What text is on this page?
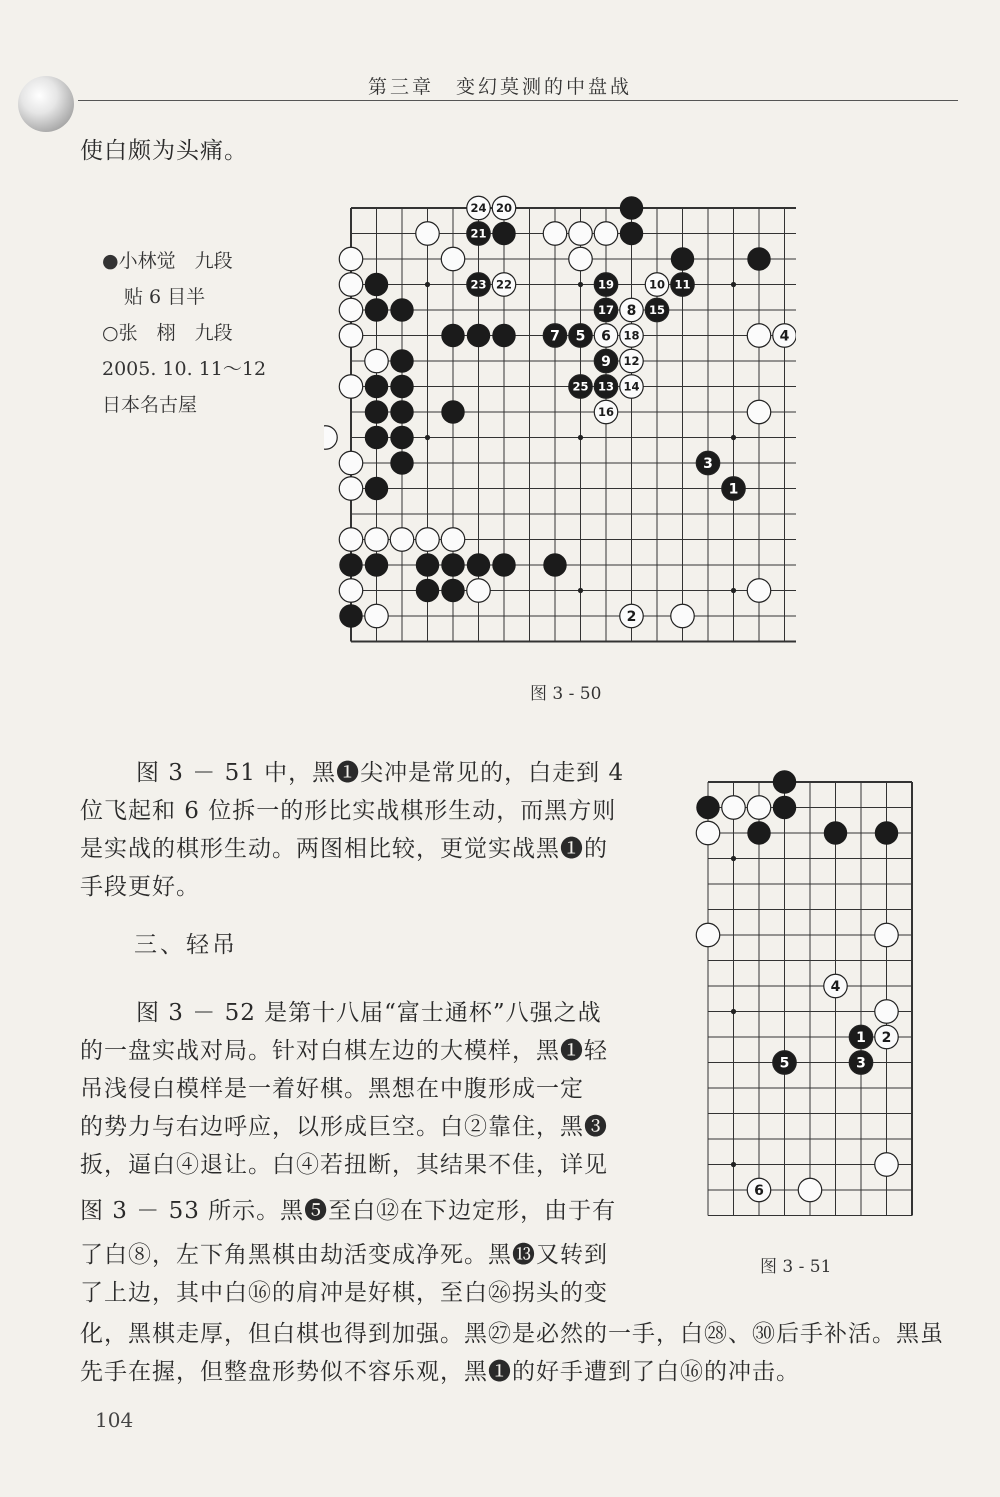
第三章　变幻莫测的中盘战
使白颇为头痛。
●小林觉　九段
贴 6 目半
○张　栩　九段
2005. 10. 11～12
日本名古屋
1
2
3
4
5 6
7
8
9
10 11
12
13 14
15
16
17
18
19
20
21
22
23
24
25
图 3 - 50
1 2
3
4
5
6
图 3 - 51
图 3 － 51 中，黑❶尖冲是常见的，白走到 4
位飞起和 6 位拆一的形比实战棋形生动，而黑方则
是实战的棋形生动。两图相比较，更觉实战黑❶的
手段更好。
三、轻吊
图 3 － 52 是第十八届“富士通杯”八强之战
的一盘实战对局。针对白棋左边的大模样，黑❶轻
吊浅侵白模样是一着好棋。黑想在中腹形成一定
的势力与右边呼应，以形成巨空。白②靠住，黑❸
扳，逼白④退让。白④若扭断，其结果不佳，详见
图 3 － 53 所示。黑❺至白⑫在下边定形，由于有
了白⑧，左下角黑棋由劫活变成净死。黑⓭又转到
了上边，其中白⑯的肩冲是好棋，至白㉖拐头的变
化，黑棋走厚，但白棋也得到加强。黑㉗是必然的一手，白㉘、㉚后手补活。黑虽
先手在握，但整盘形势似不容乐观，黑❶的好手遭到了白⑯的冲击。
104
